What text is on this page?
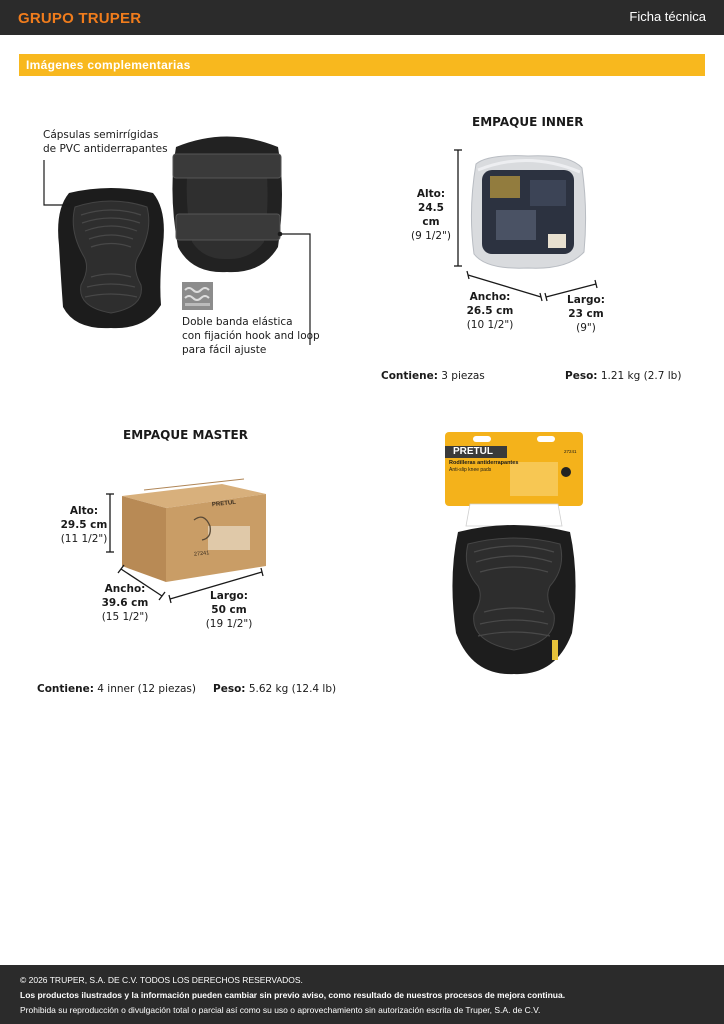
GRUPO TRUPER	Ficha técnica
Imágenes complementarias
Cápsulas semirrígidas
de PVC antiderrapantes
Doble banda elástica
con fijación hook and loop
para fácil ajuste
EMPAQUE INNER
Alto:
24.5 cm
(9 1/2")
Ancho:
26.5 cm
(10 1/2")
Largo:
23 cm
(9")
Contiene: 3 piezas	Peso: 1.21 kg (2.7 lb)
EMPAQUE MASTER
PRETUL
27241
Alto:
29.5 cm
(11 1/2")
Ancho:
39.6 cm
(15 1/2")
Largo:
50 cm
(19 1/2")
Contiene: 4 inner (12 piezas) Peso: 5.62 kg (12.4 lb)
PRETUL
Rodilleras antiderrapantes
Anti-slip knee pads
27241
© 2026 TRUPER, S.A. DE C.V. TODOS LOS DERECHOS RESERVADOS.
Los productos ilustrados y la información pueden cambiar sin previo aviso, como resultado de nuestros procesos de mejora continua.
Prohibida su reproducción o divulgación total o parcial así como su uso o aprovechamiento sin autorización escrita de Truper, S.A. de C.V.
